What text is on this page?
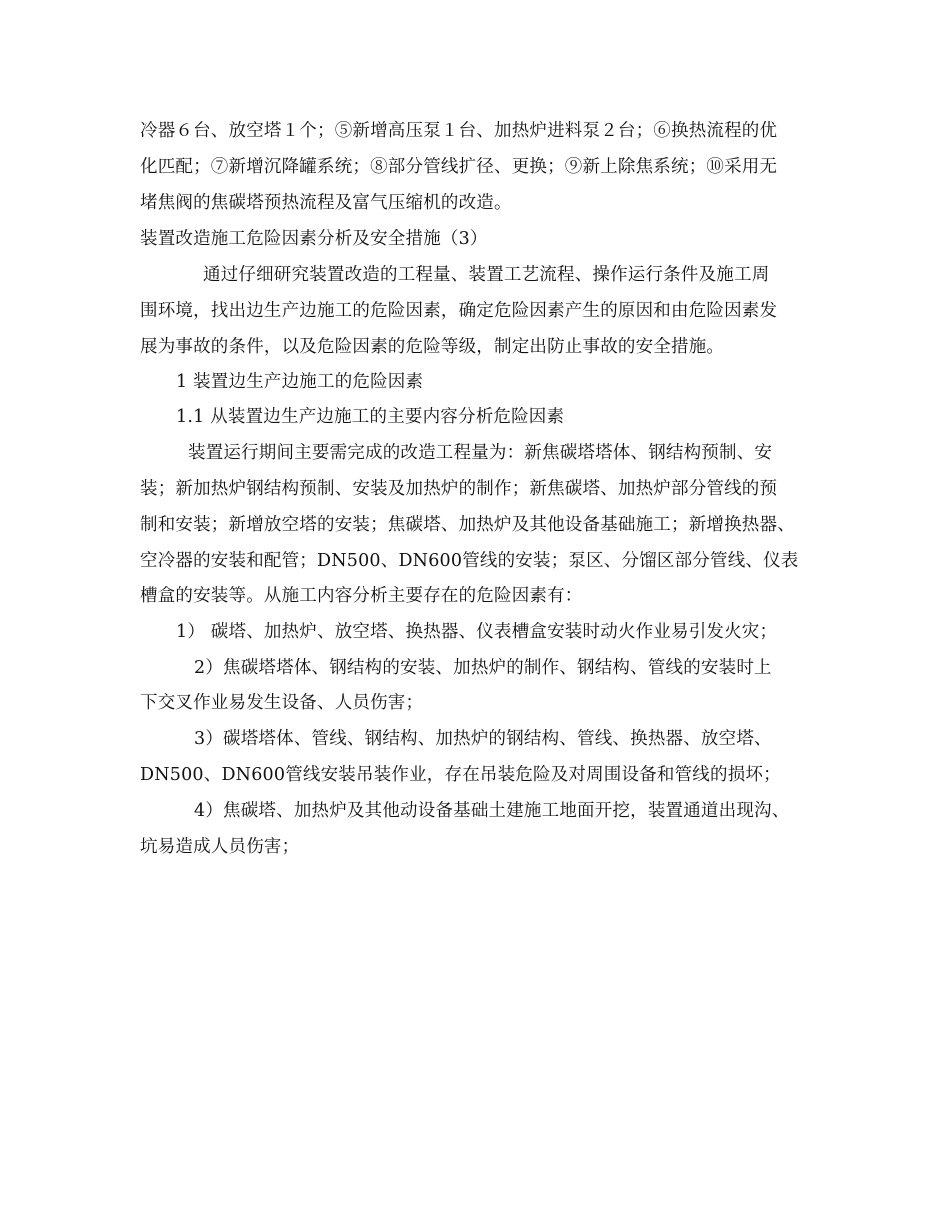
冷器６台、放空塔１个；⑤新增高压泵１台、加热炉进料泵２台；⑥换热流程的优
化匹配；⑦新增沉降罐系统；⑧部分管线扩径、更换；⑨新上除焦系统；⑩采用无
堵焦阀的焦碳塔预热流程及富气压缩机的改造。
装置改造施工危险因素分析及安全措施（3）
通过仔细研究装置改造的工程量、装置工艺流程、操作运行条件及施工周
围环境，找出边生产边施工的危险因素，确定危险因素产生的原因和由危险因素发
展为事故的条件，以及危险因素的危险等级，制定出防止事故的安全措施。
1 装置边生产边施工的危险因素
1.1 从装置边生产边施工的主要内容分析危险因素
装置运行期间主要需完成的改造工程量为：新焦碳塔塔体、钢结构预制、安
装；新加热炉钢结构预制、安装及加热炉的制作；新焦碳塔、加热炉部分管线的预
制和安装；新增放空塔的安装；焦碳塔、加热炉及其他设备基础施工；新增换热器、
空冷器的安装和配管；DN500、DN600管线的安装；泵区、分馏区部分管线、仪表
槽盒的安装等。从施工内容分析主要存在的危险因素有：
1） 碳塔、加热炉、放空塔、换热器、仪表槽盒安装时动火作业易引发火灾；
2）焦碳塔塔体、钢结构的安装、加热炉的制作、钢结构、管线的安装时上
下交叉作业易发生设备、人员伤害；
3）碳塔塔体、管线、钢结构、加热炉的钢结构、管线、换热器、放空塔、
DN500、DN600管线安装吊装作业，存在吊装危险及对周围设备和管线的损坏；
4）焦碳塔、加热炉及其他动设备基础土建施工地面开挖，装置通道出现沟、
坑易造成人员伤害；
